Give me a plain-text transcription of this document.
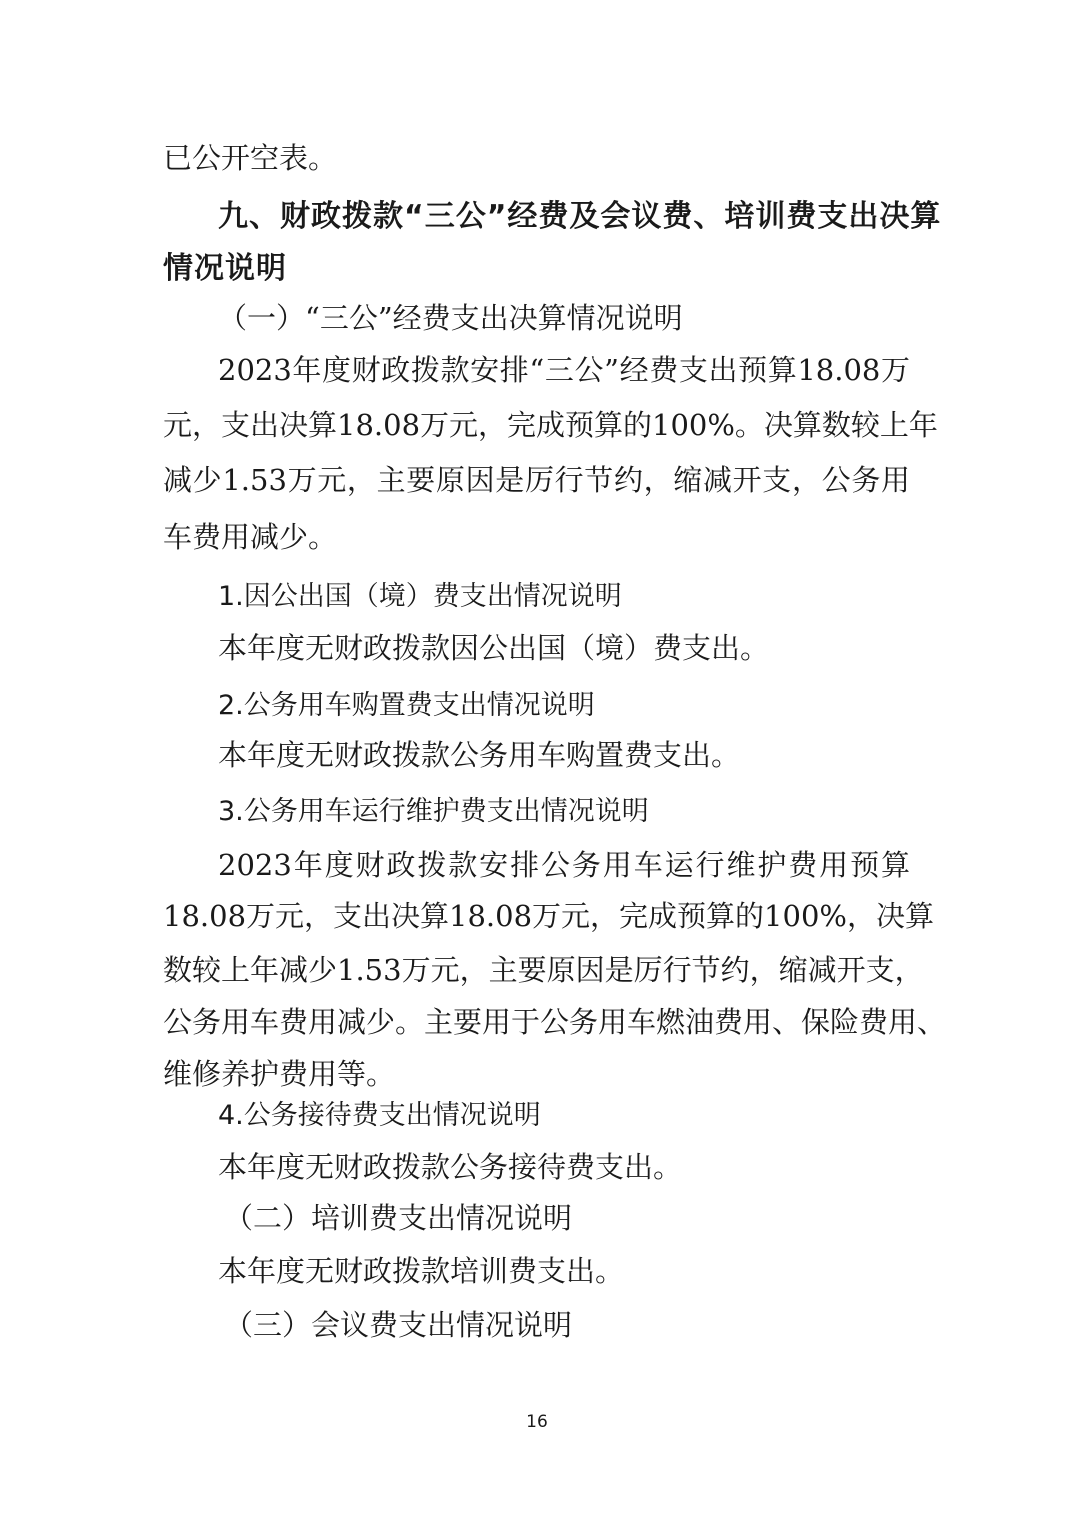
已公开空表。
九、财政拨款“三公”经费及会议费、培训费支出决算
情况说明
（一）“三公”经费支出决算情况说明
2023年度财政拨款安排“三公”经费支出预算18.08万
元，支出决算18.08万元，完成预算的100%。决算数较上年
减少1.53万元，主要原因是厉行节约，缩减开支，公务用
车费用减少。
1.因公出国（境）费支出情况说明
本年度无财政拨款因公出国（境）费支出。
2.公务用车购置费支出情况说明
本年度无财政拨款公务用车购置费支出。
3.公务用车运行维护费支出情况说明
2023年度财政拨款安排公务用车运行维护费用预算
18.08万元，支出决算18.08万元，完成预算的100%，决算
数较上年减少1.53万元，主要原因是厉行节约，缩减开支，
公务用车费用减少。主要用于公务用车燃油费用、保险费用、
维修养护费用等。
4.公务接待费支出情况说明
本年度无财政拨款公务接待费支出。
（二）培训费支出情况说明
本年度无财政拨款培训费支出。
（三）会议费支出情况说明
16
